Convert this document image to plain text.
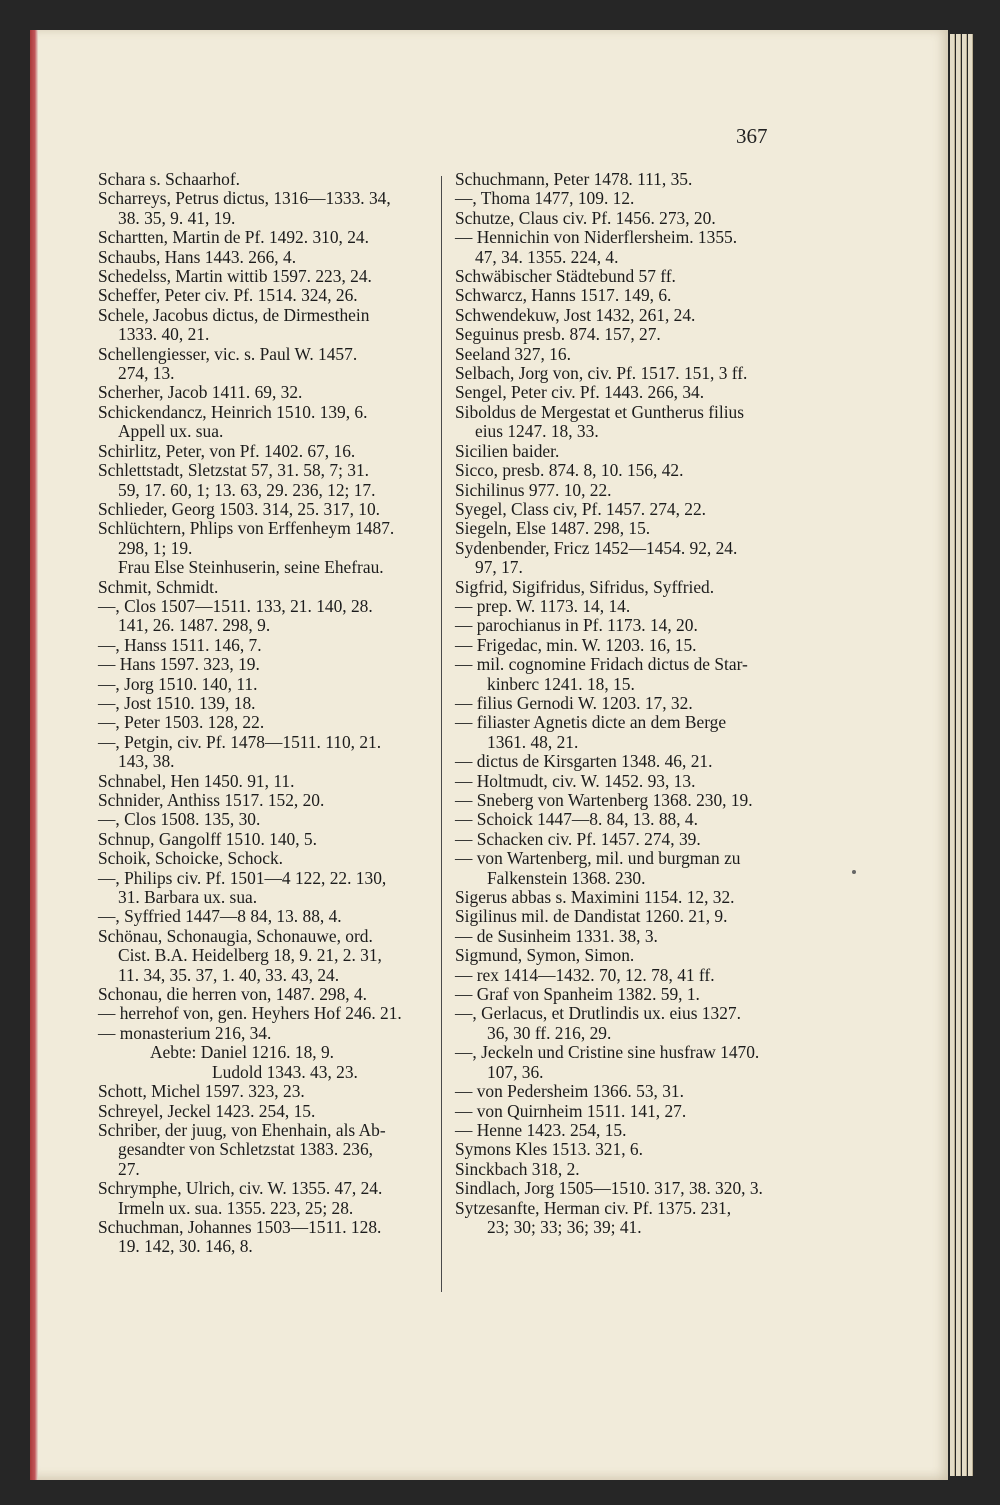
367
Schara s. Schaarhof.
Scharreys, Petrus dictus, 1316—1333. 34,
38. 35, 9. 41, 19.
Schartten, Martin de Pf. 1492. 310, 24.
Schaubs, Hans 1443. 266, 4.
Schedelss, Martin wittib 1597. 223, 24.
Scheffer, Peter civ. Pf. 1514. 324, 26.
Schele, Jacobus dictus, de Dirmesthein
1333. 40, 21.
Schellengiesser, vic. s. Paul W. 1457.
274, 13.
Scherher, Jacob 1411. 69, 32.
Schickendancz, Heinrich 1510. 139, 6.
Appell ux. sua.
Schirlitz, Peter, von Pf. 1402. 67, 16.
Schlettstadt, Sletzstat 57, 31. 58, 7; 31.
59, 17. 60, 1; 13. 63, 29. 236, 12; 17.
Schlieder, Georg 1503. 314, 25. 317, 10.
Schlüchtern, Phlips von Erffenheym 1487.
298, 1; 19.
Frau Else Steinhuserin, seine Ehefrau.
Schmit, Schmidt.
—, Clos 1507—1511. 133, 21. 140, 28.
141, 26. 1487. 298, 9.
—, Hanss 1511. 146, 7.
— Hans 1597. 323, 19.
—, Jorg 1510. 140, 11.
—, Jost 1510. 139, 18.
—, Peter 1503. 128, 22.
—, Petgin, civ. Pf. 1478—1511. 110, 21.
143, 38.
Schnabel, Hen 1450. 91, 11.
Schnider, Anthiss 1517. 152, 20.
—, Clos 1508. 135, 30.
Schnup, Gangolff 1510. 140, 5.
Schoik, Schoicke, Schock.
—, Philips civ. Pf. 1501—4 122, 22. 130,
31. Barbara ux. sua.
—, Syffried 1447—8 84, 13. 88, 4.
Schönau, Schonaugia, Schonauwe, ord.
Cist. B.A. Heidelberg 18, 9. 21, 2. 31,
11. 34, 35. 37, 1. 40, 33. 43, 24.
Schonau, die herren von, 1487. 298, 4.
— herrehof von, gen. Heyhers Hof 246. 21.
— monasterium 216, 34.
Aebte: Daniel 1216. 18, 9.
Ludold 1343. 43, 23.
Schott, Michel 1597. 323, 23.
Schreyel, Jeckel 1423. 254, 15.
Schriber, der juug, von Ehenhain, als Ab-
gesandter von Schletzstat 1383. 236,
27.
Schrymphe, Ulrich, civ. W. 1355. 47, 24.
Irmeln ux. sua. 1355. 223, 25; 28.
Schuchman, Johannes 1503—1511. 128.
19. 142, 30. 146, 8.
Schuchmann, Peter 1478. 111, 35.
—, Thoma 1477, 109. 12.
Schutze, Claus civ. Pf. 1456. 273, 20.
— Hennichin von Niderflersheim. 1355.
47, 34. 1355. 224, 4.
Schwäbischer Städtebund 57 ff.
Schwarcz, Hanns 1517. 149, 6.
Schwendekuw, Jost 1432, 261, 24.
Seguinus presb. 874. 157, 27.
Seeland 327, 16.
Selbach, Jorg von, civ. Pf. 1517. 151, 3 ff.
Sengel, Peter civ. Pf. 1443. 266, 34.
Siboldus de Mergestat et Guntherus filius
eius 1247. 18, 33.
Sicilien baider.
Sicco, presb. 874. 8, 10. 156, 42.
Sichilinus 977. 10, 22.
Syegel, Class civ, Pf. 1457. 274, 22.
Siegeln, Else 1487. 298, 15.
Sydenbender, Fricz 1452—1454. 92, 24.
97, 17.
Sigfrid, Sigifridus, Sifridus, Syffried.
— prep. W. 1173. 14, 14.
— parochianus in Pf. 1173. 14, 20.
— Frigedac, min. W. 1203. 16, 15.
— mil. cognomine Fridach dictus de Star-
kinberc 1241. 18, 15.
— filius Gernodi W. 1203. 17, 32.
— filiaster Agnetis dicte an dem Berge
1361. 48, 21.
— dictus de Kirsgarten 1348. 46, 21.
— Holtmudt, civ. W. 1452. 93, 13.
— Sneberg von Wartenberg 1368. 230, 19.
— Schoick 1447—8. 84, 13. 88, 4.
— Schacken civ. Pf. 1457. 274, 39.
— von Wartenberg, mil. und burgman zu
Falkenstein 1368. 230.
Sigerus abbas s. Maximini 1154. 12, 32.
Sigilinus mil. de Dandistat 1260. 21, 9.
— de Susinheim 1331. 38, 3.
Sigmund, Symon, Simon.
— rex 1414—1432. 70, 12. 78, 41 ff.
— Graf von Spanheim 1382. 59, 1.
—, Gerlacus, et Drutlindis ux. eius 1327.
36, 30 ff. 216, 29.
—, Jeckeln und Cristine sine husfraw 1470.
107, 36.
— von Pedersheim 1366. 53, 31.
— von Quirnheim 1511. 141, 27.
— Henne 1423. 254, 15.
Symons Kles 1513. 321, 6.
Sinckbach 318, 2.
Sindlach, Jorg 1505—1510. 317, 38. 320, 3.
Sytzesanfte, Herman civ. Pf. 1375. 231,
23; 30; 33; 36; 39; 41.
